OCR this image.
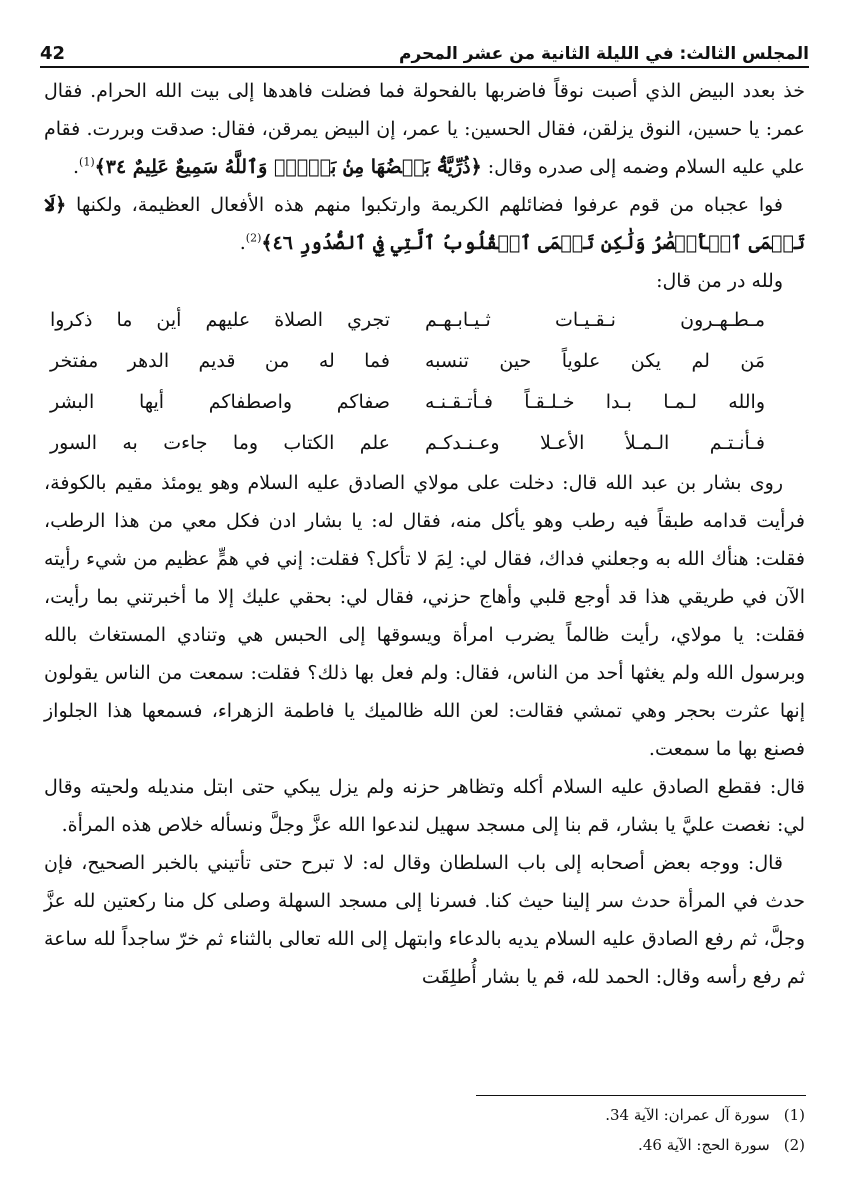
المجلس الثالث: في الليلة الثانية من عشر المحرم
42

خذ بعدد البيض الذي أصبت نوقاً فاضربها بالفحولة فما فضلت فاهدها إلى بيت الله الحرام. فقال عمر: يا حسين، النوق يزلقن، فقال الحسين: يا عمر، إن البيض يمرقن، فقال: صدقت وبررت. فقام علي عليه السلام وضمه إلى صدره وقال: ﴿ذُرِّيَّةَۢ بَعۡضُهَا مِنۢ بَعۡضٖۗ وَٱللَّهُ سَمِيعٌ عَلِيمٌ ٣٤﴾$^{(1)}$.

فوا عجباه من قوم عرفوا فضائلهم الكريمة وارتكبوا منهم هذه الأفعال العظيمة، ولكنها ﴿لَا تَعۡمَى ٱلۡأَبۡصَٰرُ وَلَٰكِن تَعۡمَى ٱلۡقُلُوبُ ٱلَّتِي فِي ٱلصُّدُورِ ٤٦﴾$^{(2)}$.

ولله در من قال:

مـطـهـرون نـقـيـات ثـيـابـهـم
تجري الصلاة عليهم أين ما ذكروا
مَن لم يكن علوياً حين تنسبه
فما له من قديم الدهر مفتخر
والله لـمـا بـدا خـلـقـاً فـأتـقـنـه
صفاكم واصطفاكم أيها البشر
فـأنـتـم الـمـلأ الأعـلا وعـنـدكـم
علم الكتاب وما جاءت به السور

روى بشار بن عبد الله قال: دخلت على مولاي الصادق عليه السلام وهو يومئذ مقيم بالكوفة، فرأيت قدامه طبقاً فيه رطب وهو يأكل منه، فقال له: يا بشار ادن فكل معي من هذا الرطب، فقلت: هنأك الله به وجعلني فداك، فقال لي: لِمَ لا تأكل؟ فقلت: إني في همٍّ عظيم من شيء رأيته الآن في طريقي هذا قد أوجع قلبي وأهاج حزني، فقال لي: بحقي عليك إلا ما أخبرتني بما رأيت، فقلت: يا مولاي، رأيت ظالماً يضرب امرأة ويسوقها إلى الحبس هي وتنادي المستغاث بالله وبرسول الله ولم يغثها أحد من الناس، فقال: ولم فعل بها ذلك؟ فقلت: سمعت من الناس يقولون إنها عثرت بحجر وهي تمشي فقالت: لعن الله ظالميك يا فاطمة الزهراء، فسمعها هذا الجلواز فصنع بها ما سمعت.

قال: فقطع الصادق عليه السلام أكله وتظاهر حزنه ولم يزل يبكي حتى ابتل منديله ولحيته وقال لي: نغصت عليَّ يا بشار، قم بنا إلى مسجد سهيل لندعوا الله عزَّ وجلَّ ونسأله خلاص هذه المرأة.

قال: ووجه بعض أصحابه إلى باب السلطان وقال له: لا تبرح حتى تأتيني بالخبر الصحيح، فإن حدث في المرأة حدث سر إلينا حيث كنا. فسرنا إلى مسجد السهلة وصلى كل منا ركعتين لله عزَّ وجلَّ، ثم رفع الصادق عليه السلام يديه بالدعاء وابتهل إلى الله تعالى بالثناء ثم خرّ ساجداً لله ساعة ثم رفع رأسه وقال: الحمد لله، قم يا بشار أُطلِقَت

(1)
سورة آل عمران: الآية 34.
(2)
سورة الحج: الآية 46.
